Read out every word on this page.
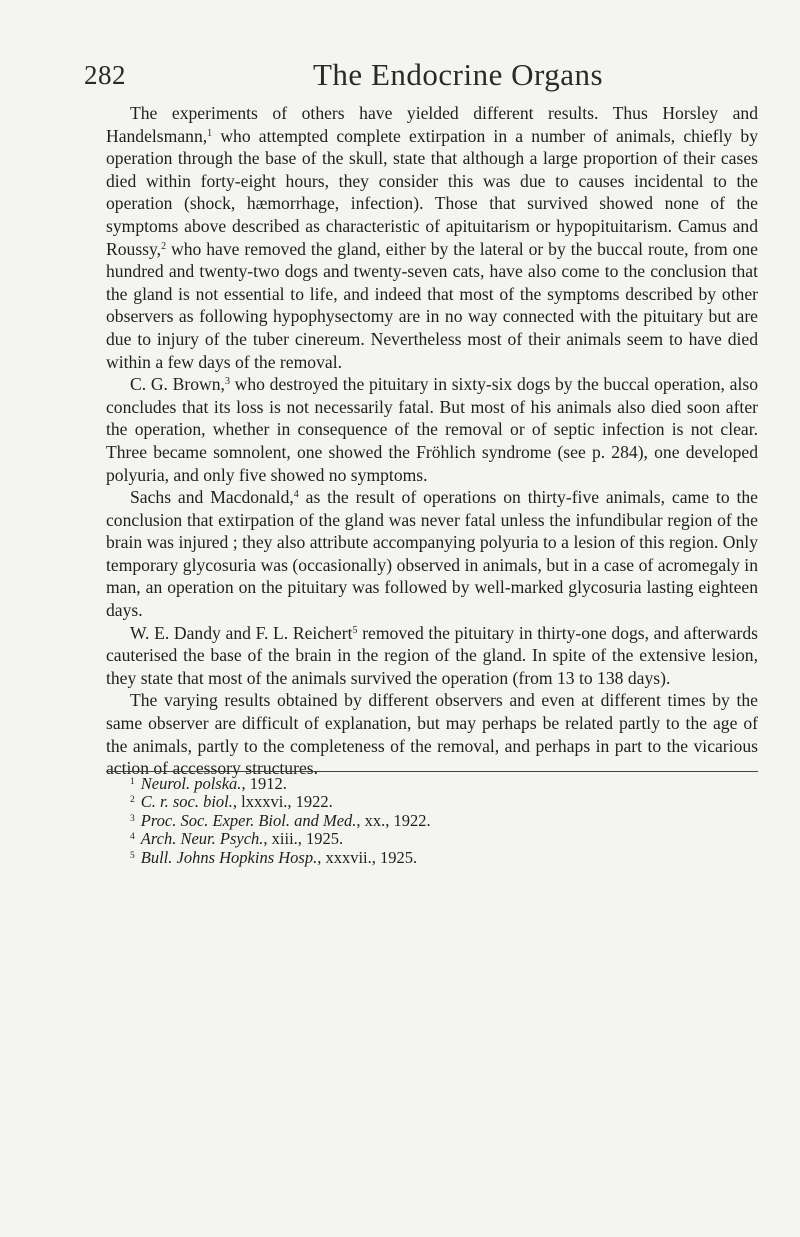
282	The Endocrine Organs

The experiments of others have yielded different results. Thus Horsley and Handelsmann,$^1$ who attempted complete extirpation in a number of animals, chiefly by operation through the base of the skull, state that although a large proportion of their cases died within forty-eight hours, they consider this was due to causes incidental to the operation (shock, hæmorrhage, infection). Those that survived showed none of the symptoms above described as characteristic of apituitarism or hypopituitarism. Camus and Roussy,$^2$ who have removed the gland, either by the lateral or by the buccal route, from one hundred and twenty-two dogs and twenty-seven cats, have also come to the conclusion that the gland is not essential to life, and indeed that most of the symptoms described by other observers as following hypophysectomy are in no way connected with the pituitary but are due to injury of the tuber cinereum. Nevertheless most of their animals seem to have died within a few days of the removal.

C. G. Brown,$^3$ who destroyed the pituitary in sixty-six dogs by the buccal operation, also concludes that its loss is not necessarily fatal. But most of his animals also died soon after the operation, whether in consequence of the removal or of septic infection is not clear. Three became somnolent, one showed the Fröhlich syndrome (see p. 284), one developed polyuria, and only five showed no symptoms.

Sachs and Macdonald,$^4$ as the result of operations on thirty-five animals, came to the conclusion that extirpation of the gland was never fatal unless the infundibular region of the brain was injured ; they also attribute accompanying polyuria to a lesion of this region. Only temporary glycosuria was (occasionally) observed in animals, but in a case of acromegaly in man, an operation on the pituitary was followed by well-marked glycosuria lasting eighteen days.

W. E. Dandy and F. L. Reichert$^5$ removed the pituitary in thirty-one dogs, and afterwards cauterised the base of the brain in the region of the gland. In spite of the extensive lesion, they state that most of the animals survived the operation (from 13 to 138 days).

The varying results obtained by different observers and even at different times by the same observer are difficult of explanation, but may perhaps be related partly to the age of the animals, partly to the completeness of the removal, and perhaps in part to the vicarious action of accessory structures.

$^1$ Neurol. polska., 1912.
$^2$ C. r. soc. biol., lxxxvi., 1922.
$^3$ Proc. Soc. Exper. Biol. and Med., xx., 1922.
$^4$ Arch. Neur. Psych., xiii., 1925.
$^5$ Bull. Johns Hopkins Hosp., xxxvii., 1925.
